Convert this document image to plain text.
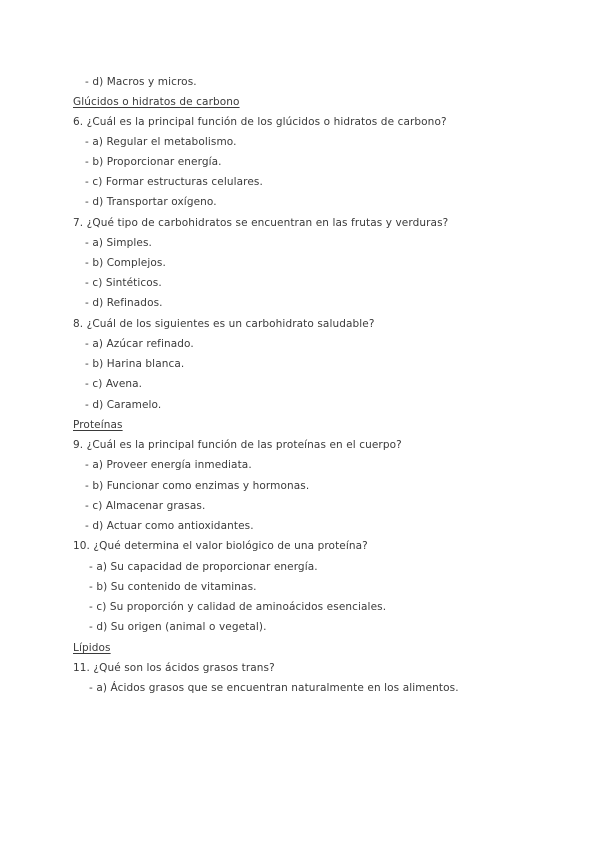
- d) Macros y micros.
Glúcidos o hidratos de carbono
6. ¿Cuál es la principal función de los glúcidos o hidratos de carbono?
- a) Regular el metabolismo.
- b) Proporcionar energía.
- c) Formar estructuras celulares.
- d) Transportar oxígeno.
7. ¿Qué tipo de carbohidratos se encuentran en las frutas y verduras?
- a) Simples.
- b) Complejos.
- c) Sintéticos.
- d) Refinados.
8. ¿Cuál de los siguientes es un carbohidrato saludable?
- a) Azúcar refinado.
- b) Harina blanca.
- c) Avena.
- d) Caramelo.
Proteínas
9. ¿Cuál es la principal función de las proteínas en el cuerpo?
- a) Proveer energía inmediata.
- b) Funcionar como enzimas y hormonas.
- c) Almacenar grasas.
- d) Actuar como antioxidantes.
10. ¿Qué determina el valor biológico de una proteína?
- a) Su capacidad de proporcionar energía.
- b) Su contenido de vitaminas.
- c) Su proporción y calidad de aminoácidos esenciales.
- d) Su origen (animal o vegetal).
Lípidos
11. ¿Qué son los ácidos grasos trans?
- a) Ácidos grasos que se encuentran naturalmente en los alimentos.
